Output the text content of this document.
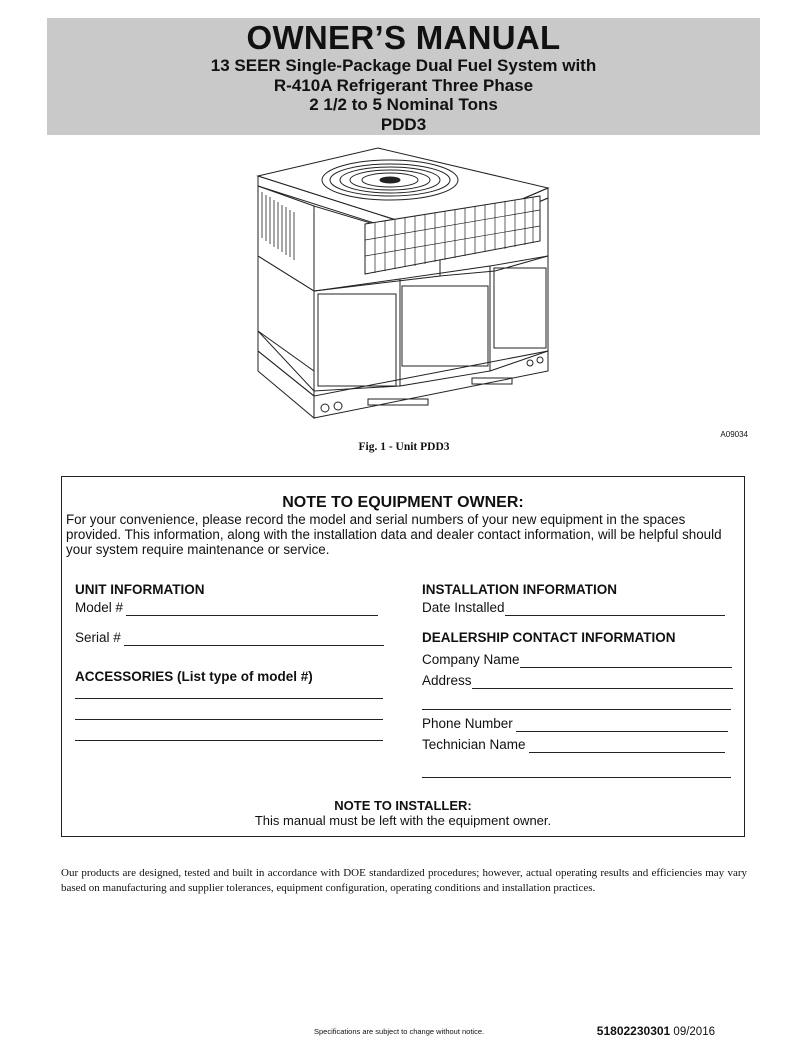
OWNER’S MANUAL
13 SEER Single-Package Dual Fuel System with
R-410A Refrigerant Three Phase
2 1/2 to 5 Nominal Tons
PDD3
A09034
Fig. 1 - Unit PDD3
NOTE TO EQUIPMENT OWNER:
For your convenience, please record the model and serial numbers of your new equipment in the spaces provided. This information, along with the installation data and dealer contact information, will be helpful should your system require maintenance or service.
UNIT INFORMATION
Model #
Serial #
ACCESSORIES (List type of model #)
INSTALLATION INFORMATION
Date Installed
DEALERSHIP CONTACT INFORMATION
Company Name
Address
Phone Number
Technician Name
NOTE TO INSTALLER:
This manual must be left with the equipment owner.
Our products are designed, tested and built in accordance with DOE standardized procedures; however, actual operating results and efficiencies may vary based on manufacturing and supplier tolerances, equipment configuration, operating conditions and installation practices.
Specifications are subject to change without notice.	51802230301 09/2016
